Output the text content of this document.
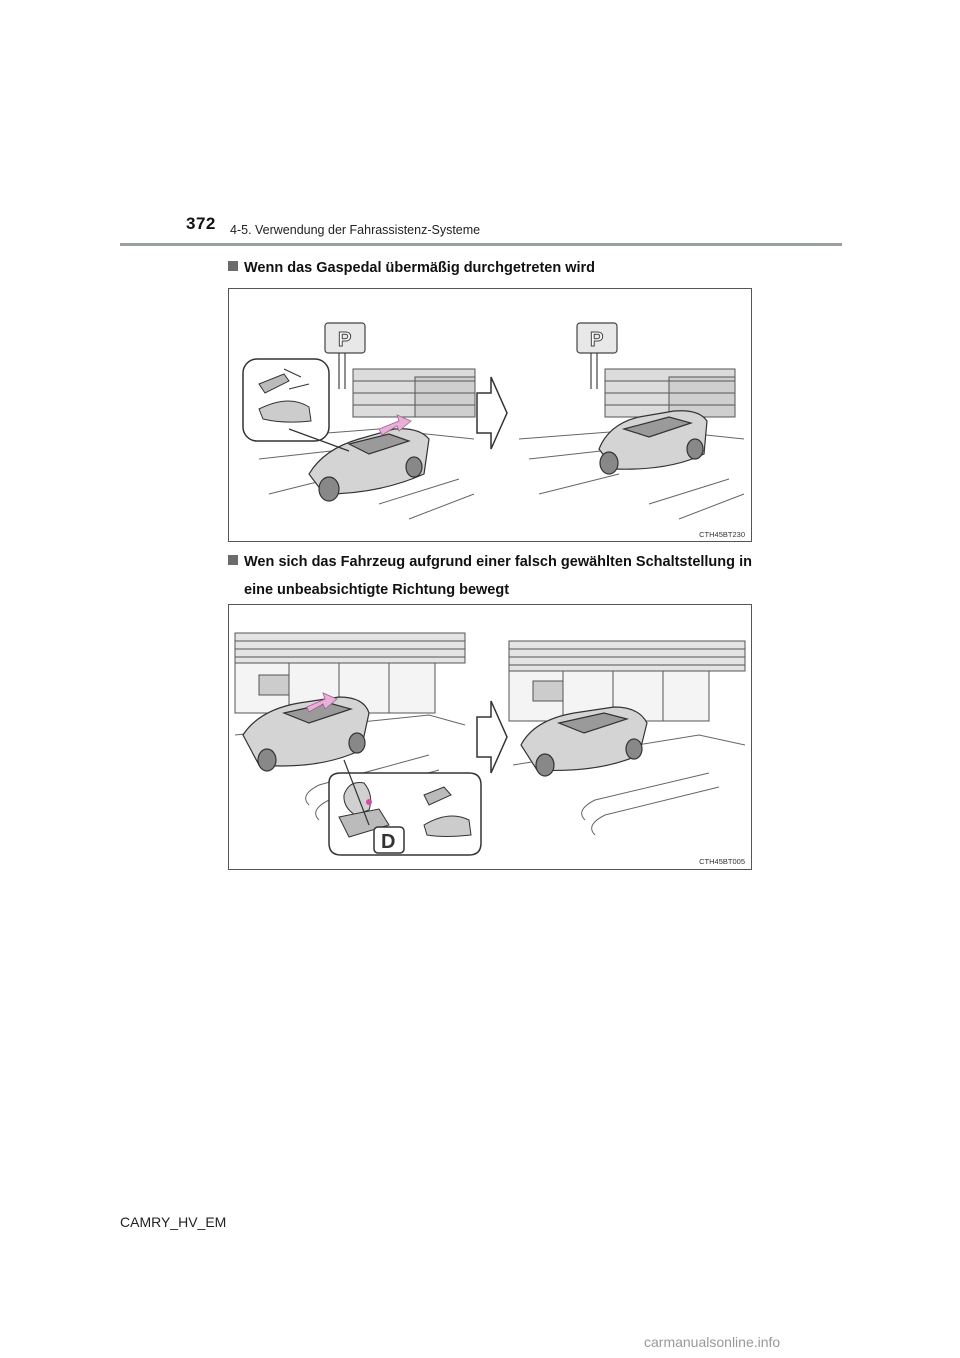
372 4-5. Verwendung der Fahrassistenz-Systeme
Wenn das Gaspedal übermäßig durchgetreten wird
P	P
CTH45BT230
Wen sich das Fahrzeug aufgrund einer falsch gewählten Schaltstellung in eine unbeabsichtigte Richtung bewegt
D
CTH45BT005
CAMRY_HV_EM
carmanualsonline.info
